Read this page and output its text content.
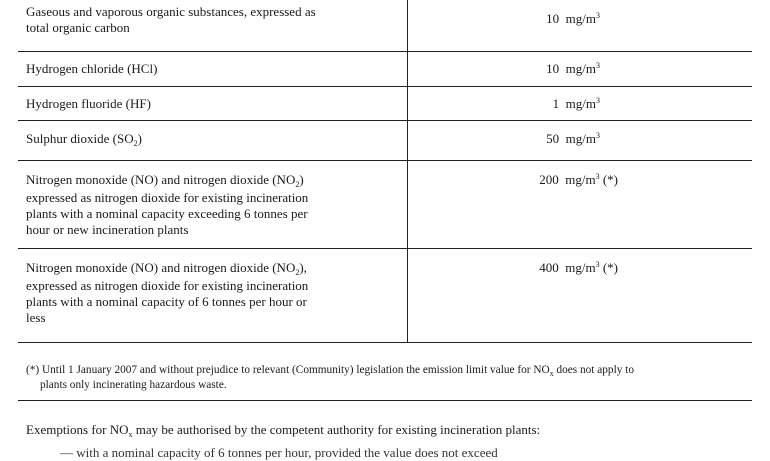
Gaseous and vaporous organic substances, expressed as
total organic carbon	10 $mg/m^3$
Hydrogen chloride (HCl)	10 $mg/m^3$
Hydrogen fluoride (HF)	1 $mg/m^3$
Sulphur dioxide $(SO_2)$	50 $mg/m^3$
Nitrogen monoxide (NO) and nitrogen dioxide $(NO_2)$
expressed as nitrogen dioxide for existing incineration
plants with a nominal capacity exceeding 6 tonnes per
hour or new incineration plants	200 $mg/m^3$ (*)
Nitrogen monoxide (NO) and nitrogen dioxide $(NO_2)$,
expressed as nitrogen dioxide for existing incineration
plants with a nominal capacity of 6 tonnes per hour or
less	400 $mg/m^3$ (*)
(*) Until 1 January 2007 and without prejudice to relevant (Community) legislation the emission limit value for $NO_x$ does not apply to
plants only incinerating hazardous waste.
Exemptions for $NO_x$ may be authorised by the competent authority for existing incineration plants:
— with a nominal capacity of 6 tonnes per hour, provided the value does not exceed
